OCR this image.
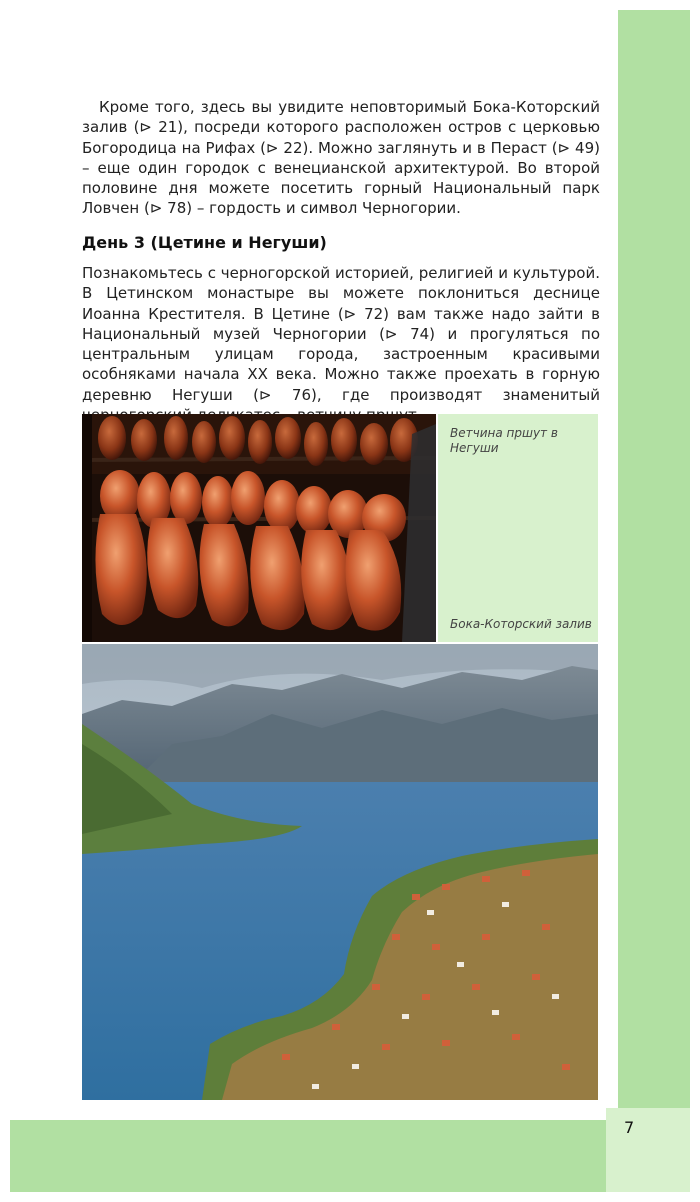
7

Кроме того, здесь вы увидите неповторимый Бока-Которский залив (⊳ 21), посреди которого расположен остров с церковью Богородица на Рифах (⊳ 22). Можно заглянуть и в Пераст (⊳ 49) – еще один городок с венецианской архитектурой. Во второй половине дня можете посетить горный Национальный парк Ловчен (⊳ 78) – гордость и символ Черногории.

День 3 (Цетине и Негуши)

Познакомьтесь с черногорской историей, религией и культурой. В Цетинском монастыре вы можете поклониться деснице Иоанна Крестителя. В Цетине (⊳ 72) вам также надо зайти в Национальный музей Черногории (⊳ 74) и прогуляться по центральным улицам города, застроенным красивыми особняками начала XX века. Можно также проехать в горную деревню Негуши (⊳ 76), где производят знаменитый

Ветчина пршут в Негуши

Бока-Которский залив
